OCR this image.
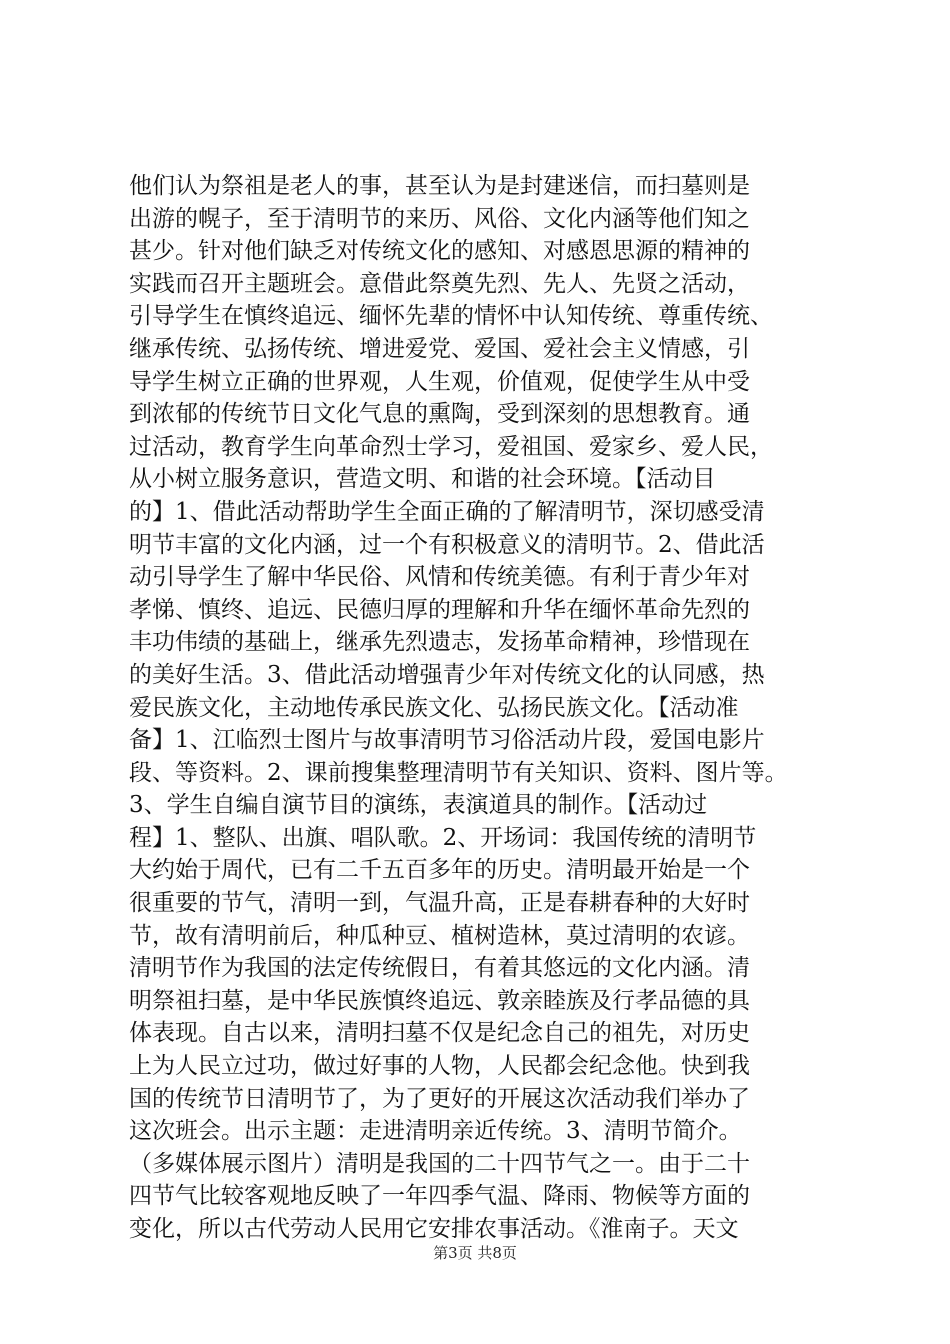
他们认为祭祖是老人的事，甚至认为是封建迷信，而扫墓则是
出游的幌子，至于清明节的来历、风俗、文化内涵等他们知之
甚少。针对他们缺乏对传统文化的感知、对感恩思源的精神的
实践而召开主题班会。意借此祭奠先烈、先人、先贤之活动，
引导学生在慎终追远、缅怀先辈的情怀中认知传统、尊重传统、
继承传统、弘扬传统、增进爱党、爱国、爱社会主义情感，引
导学生树立正确的世界观，人生观，价值观，促使学生从中受
到浓郁的传统节日文化气息的熏陶，受到深刻的思想教育。通
过活动，教育学生向革命烈士学习，爱祖国、爱家乡、爱人民，
从小树立服务意识，营造文明、和谐的社会环境。【活动目
的】1、借此活动帮助学生全面正确的了解清明节，深切感受清
明节丰富的文化内涵，过一个有积极意义的清明节。2、借此活
动引导学生了解中华民俗、风情和传统美德。有利于青少年对
孝悌、慎终、追远、民德归厚的理解和升华在缅怀革命先烈的
丰功伟绩的基础上，继承先烈遗志，发扬革命精神，珍惜现在
的美好生活。3、借此活动增强青少年对传统文化的认同感，热
爱民族文化，主动地传承民族文化、弘扬民族文化。【活动准
备】1、江临烈士图片与故事清明节习俗活动片段，爱国电影片
段、等资料。2、课前搜集整理清明节有关知识、资料、图片等。
3、学生自编自演节目的演练，表演道具的制作。【活动过
程】1、整队、出旗、唱队歌。2、开场词：我国传统的清明节
大约始于周代，已有二千五百多年的历史。清明最开始是一个
很重要的节气，清明一到，气温升高，正是春耕春种的大好时
节，故有清明前后，种瓜种豆、植树造林，莫过清明的农谚。
清明节作为我国的法定传统假日，有着其悠远的文化内涵。清
明祭祖扫墓，是中华民族慎终追远、敦亲睦族及行孝品德的具
体表现。自古以来，清明扫墓不仅是纪念自己的祖先，对历史
上为人民立过功，做过好事的人物，人民都会纪念他。快到我
国的传统节日清明节了，为了更好的开展这次活动我们举办了
这次班会。出示主题：走进清明亲近传统。3、清明节简介。
（多媒体展示图片）清明是我国的二十四节气之一。由于二十
四节气比较客观地反映了一年四季气温、降雨、物候等方面的
变化，所以古代劳动人民用它安排农事活动。《淮南子。天文
第3页 共8页
